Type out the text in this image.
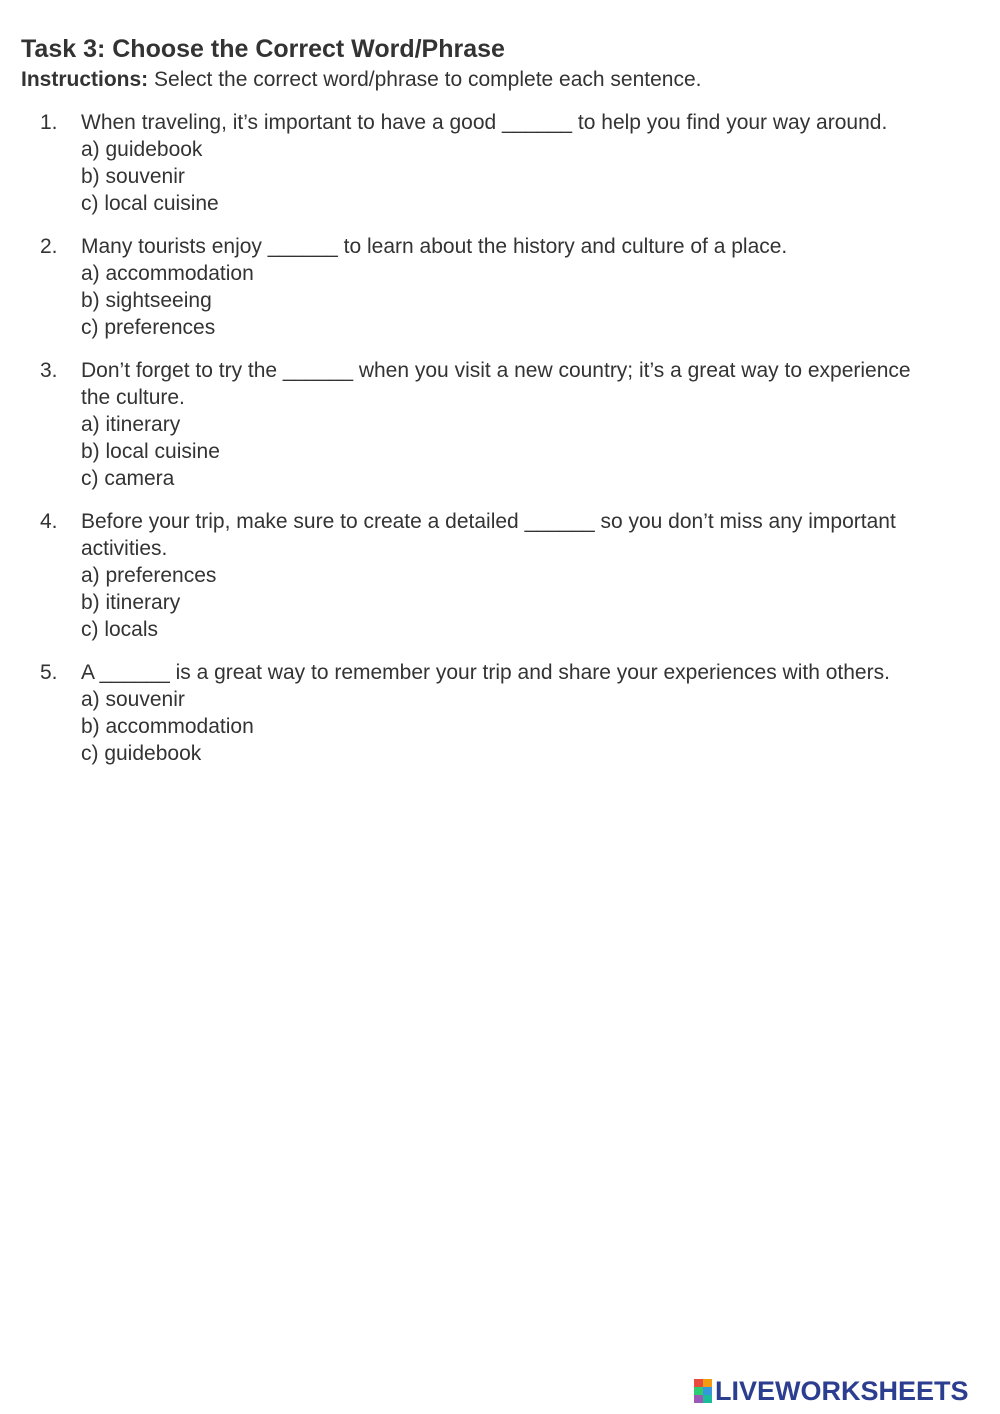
Task 3: Choose the Correct Word/Phrase

Instructions: Select the correct word/phrase to complete each sentence.

1. When traveling, it’s important to have a good ______ to help you find your way around.
a) guidebook
b) souvenir
c) local cuisine
2. Many tourists enjoy ______ to learn about the history and culture of a place.
a) accommodation
b) sightseeing
c) preferences
3. Don’t forget to try the ______ when you visit a new country; it’s a great way to experience the culture.
a) itinerary
b) local cuisine
c) camera
4. Before your trip, make sure to create a detailed ______ so you don’t miss any important activities.
a) preferences
b) itinerary
c) locals
5. A ______ is a great way to remember your trip and share your experiences with others.
a) souvenir
b) accommodation
c) guidebook
LIVEWORKSHEETS
